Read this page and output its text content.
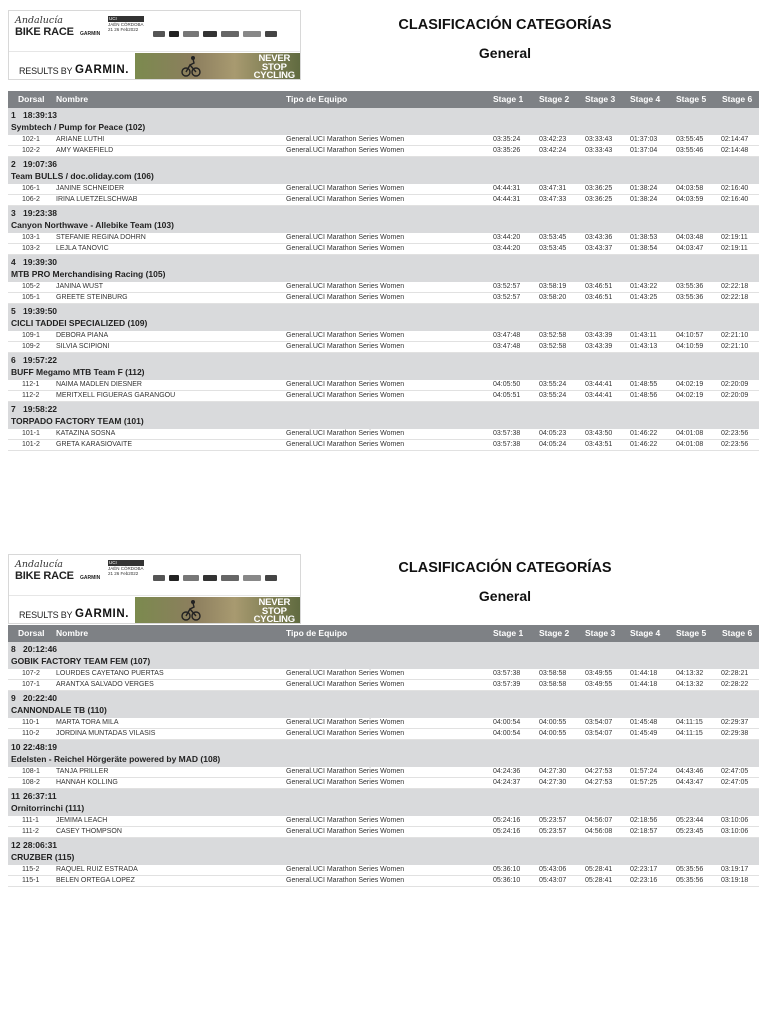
Andalucía
BIKE RACE GARMIN
UCI
JAÉN CÓRDOBA
21 26 Feb2022
RESULTS BY GARMIN.
NEVER
STOP
CYCLING
CLASIFICACIÓN CATEGORÍAS
General
Dorsal Nombre	Tipo de Equipo	Stage 1 Stage 2 Stage 3 Stage 4 Stage 5 Stage 6
1 18:39:13
Symbtech / Pump for Peace (102)
102-1 ARIANE LUTHI	General.UCI Marathon Series Women	03:35:24	03:42:23	03:33:43	01:37:03	03:55:45	02:14:47
102-2 AMY WAKEFIELD	General.UCI Marathon Series Women	03:35:26	03:42:24	03:33:43	01:37:04	03:55:46	02:14:48
2 19:07:36
Team BULLS / doc.oliday.com (106)
106-1 JANINE SCHNEIDER	General.UCI Marathon Series Women	04:44:31	03:47:31	03:36:25	01:38:24	04:03:58	02:16:40
106-2 IRINA LUETZELSCHWAB	General.UCI Marathon Series Women	04:44:31	03:47:33	03:36:25	01:38:24	04:03:59	02:16:40
3 19:23:38
Canyon Northwave - Allebike Team (103)
103-1 STEFANIE REGINA DOHRN	General.UCI Marathon Series Women	03:44:20	03:53:45	03:43:36	01:38:53	04:03:48	02:19:11
103-2 LEJLA TANOVIC	General.UCI Marathon Series Women	03:44:20	03:53:45	03:43:37	01:38:54	04:03:47	02:19:11
4 19:39:30
MTB PRO Merchandising Racing (105)
105-2 JANINA WUST	General.UCI Marathon Series Women	03:52:57	03:58:19	03:46:51	01:43:22	03:55:36	02:22:18
105-1 GREETE STEINBURG	General.UCI Marathon Series Women	03:52:57	03:58:20	03:46:51	01:43:25	03:55:36	02:22:18
5 19:39:50
CICLI TADDEI SPECIALIZED (109)
109-1 DEBORA PIANA	General.UCI Marathon Series Women	03:47:48	03:52:58	03:43:39	01:43:11	04:10:57	02:21:10
109-2 SILVIA SCIPIONI	General.UCI Marathon Series Women	03:47:48	03:52:58	03:43:39	01:43:13	04:10:59	02:21:10
6 19:57:22
BUFF Megamo MTB Team F (112)
112-1 NAIMA MADLEN DIESNER	General.UCI Marathon Series Women	04:05:50	03:55:24	03:44:41	01:48:55	04:02:19	02:20:09
112-2 MERITXELL FIGUERAS GARANGOU	General.UCI Marathon Series Women	04:05:51	03:55:24	03:44:41	01:48:56	04:02:19	02:20:09
7 19:58:22
TORPADO FACTORY TEAM (101)
101-1 KATAZINA SOSNA	General.UCI Marathon Series Women	03:57:38	04:05:23	03:43:50	01:46:22	04:01:08	02:23:56
101-2 GRETA KARASIOVAITE	General.UCI Marathon Series Women	03:57:38	04:05:24	03:43:51	01:46:22	04:01:08	02:23:56
Andalucía
BIKE RACE GARMIN
UCI
JAÉN CÓRDOBA
21 26 Feb2022
RESULTS BY GARMIN.
NEVER
STOP
CYCLING
CLASIFICACIÓN CATEGORÍAS
General
Dorsal Nombre	Tipo de Equipo	Stage 1 Stage 2 Stage 3 Stage 4 Stage 5 Stage 6
8 20:12:46
GOBIK FACTORY TEAM FEM (107)
107-2 LOURDES CAYETANO PUERTAS	General.UCI Marathon Series Women	03:57:38	03:58:58	03:49:55	01:44:18	04:13:32	02:28:21
107-1 ARANTXA SALVADO VERGES	General.UCI Marathon Series Women	03:57:39	03:58:58	03:49:55	01:44:18	04:13:32	02:28:22
9 20:22:40
CANNONDALE TB (110)
110-1 MARTA TORA MILA	General.UCI Marathon Series Women	04:00:54	04:00:55	03:54:07	01:45:48	04:11:15	02:29:37
110-2 JORDINA MUNTADAS VILASIS	General.UCI Marathon Series Women	04:00:54	04:00:55	03:54:07	01:45:49	04:11:15	02:29:38
10 22:48:19
Edelsten - Reichel Hörgeräte powered by MAD (108)
108-1 TANJA PRILLER	General.UCI Marathon Series Women	04:24:36	04:27:30	04:27:53	01:57:24	04:43:46	02:47:05
108-2 HANNAH KOLLING	General.UCI Marathon Series Women	04:24:37	04:27:30	04:27:53	01:57:25	04:43:47	02:47:05
11 26:37:11
Ornitorrinchi (111)
111-1 JEMIMA LEACH	General.UCI Marathon Series Women	05:24:16	05:23:57	04:56:07	02:18:56	05:23:44	03:10:06
111-2 CASEY THOMPSON	General.UCI Marathon Series Women	05:24:16	05:23:57	04:56:08	02:18:57	05:23:45	03:10:06
12 28:06:31
CRUZBER (115)
115-2 RAQUEL RUIZ ESTRADA	General.UCI Marathon Series Women	05:36:10	05:43:06	05:28:41	02:23:17	05:35:56	03:19:17
115-1 BELEN ORTEGA LOPEZ	General.UCI Marathon Series Women	05:36:10	05:43:07	05:28:41	02:23:16	05:35:56	03:19:18
